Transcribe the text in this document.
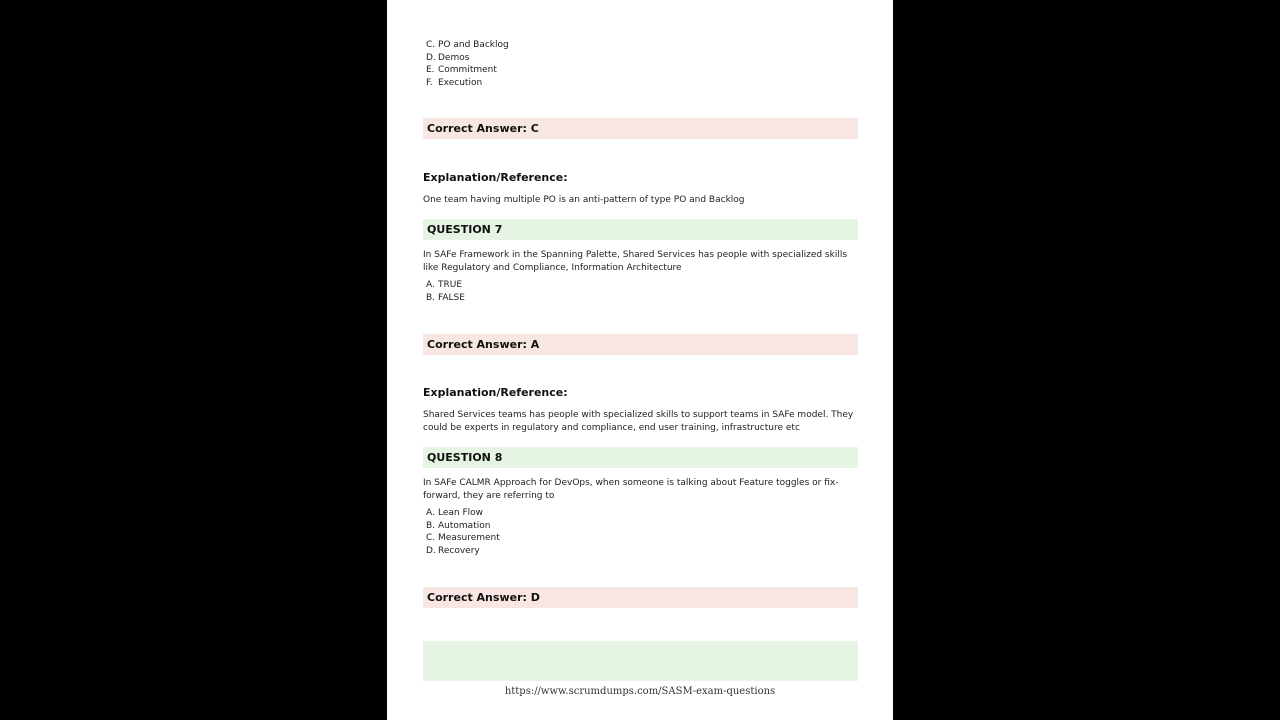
C. PO and Backlog
D. Demos
E. Commitment
F. Execution
Correct Answer: C
Explanation/Reference:
One team having multiple PO is an anti-pattern of type PO and Backlog
QUESTION 7
In SAFe Framework in the Spanning Palette, Shared Services has people with specialized skills like Regulatory and Compliance, Information Architecture
A. TRUE
B. FALSE
Correct Answer: A
Explanation/Reference:
Shared Services teams has people with specialized skills to support teams in SAFe model. They could be experts in regulatory and compliance, end user training, infrastructure etc
QUESTION 8
In SAFe CALMR Approach for DevOps, when someone is talking about Feature toggles or fix-forward, they are referring to
A. Lean Flow
B. Automation
C. Measurement
D. Recovery
Correct Answer: D
https://www.scrumdumps.com/SASM-exam-questions
